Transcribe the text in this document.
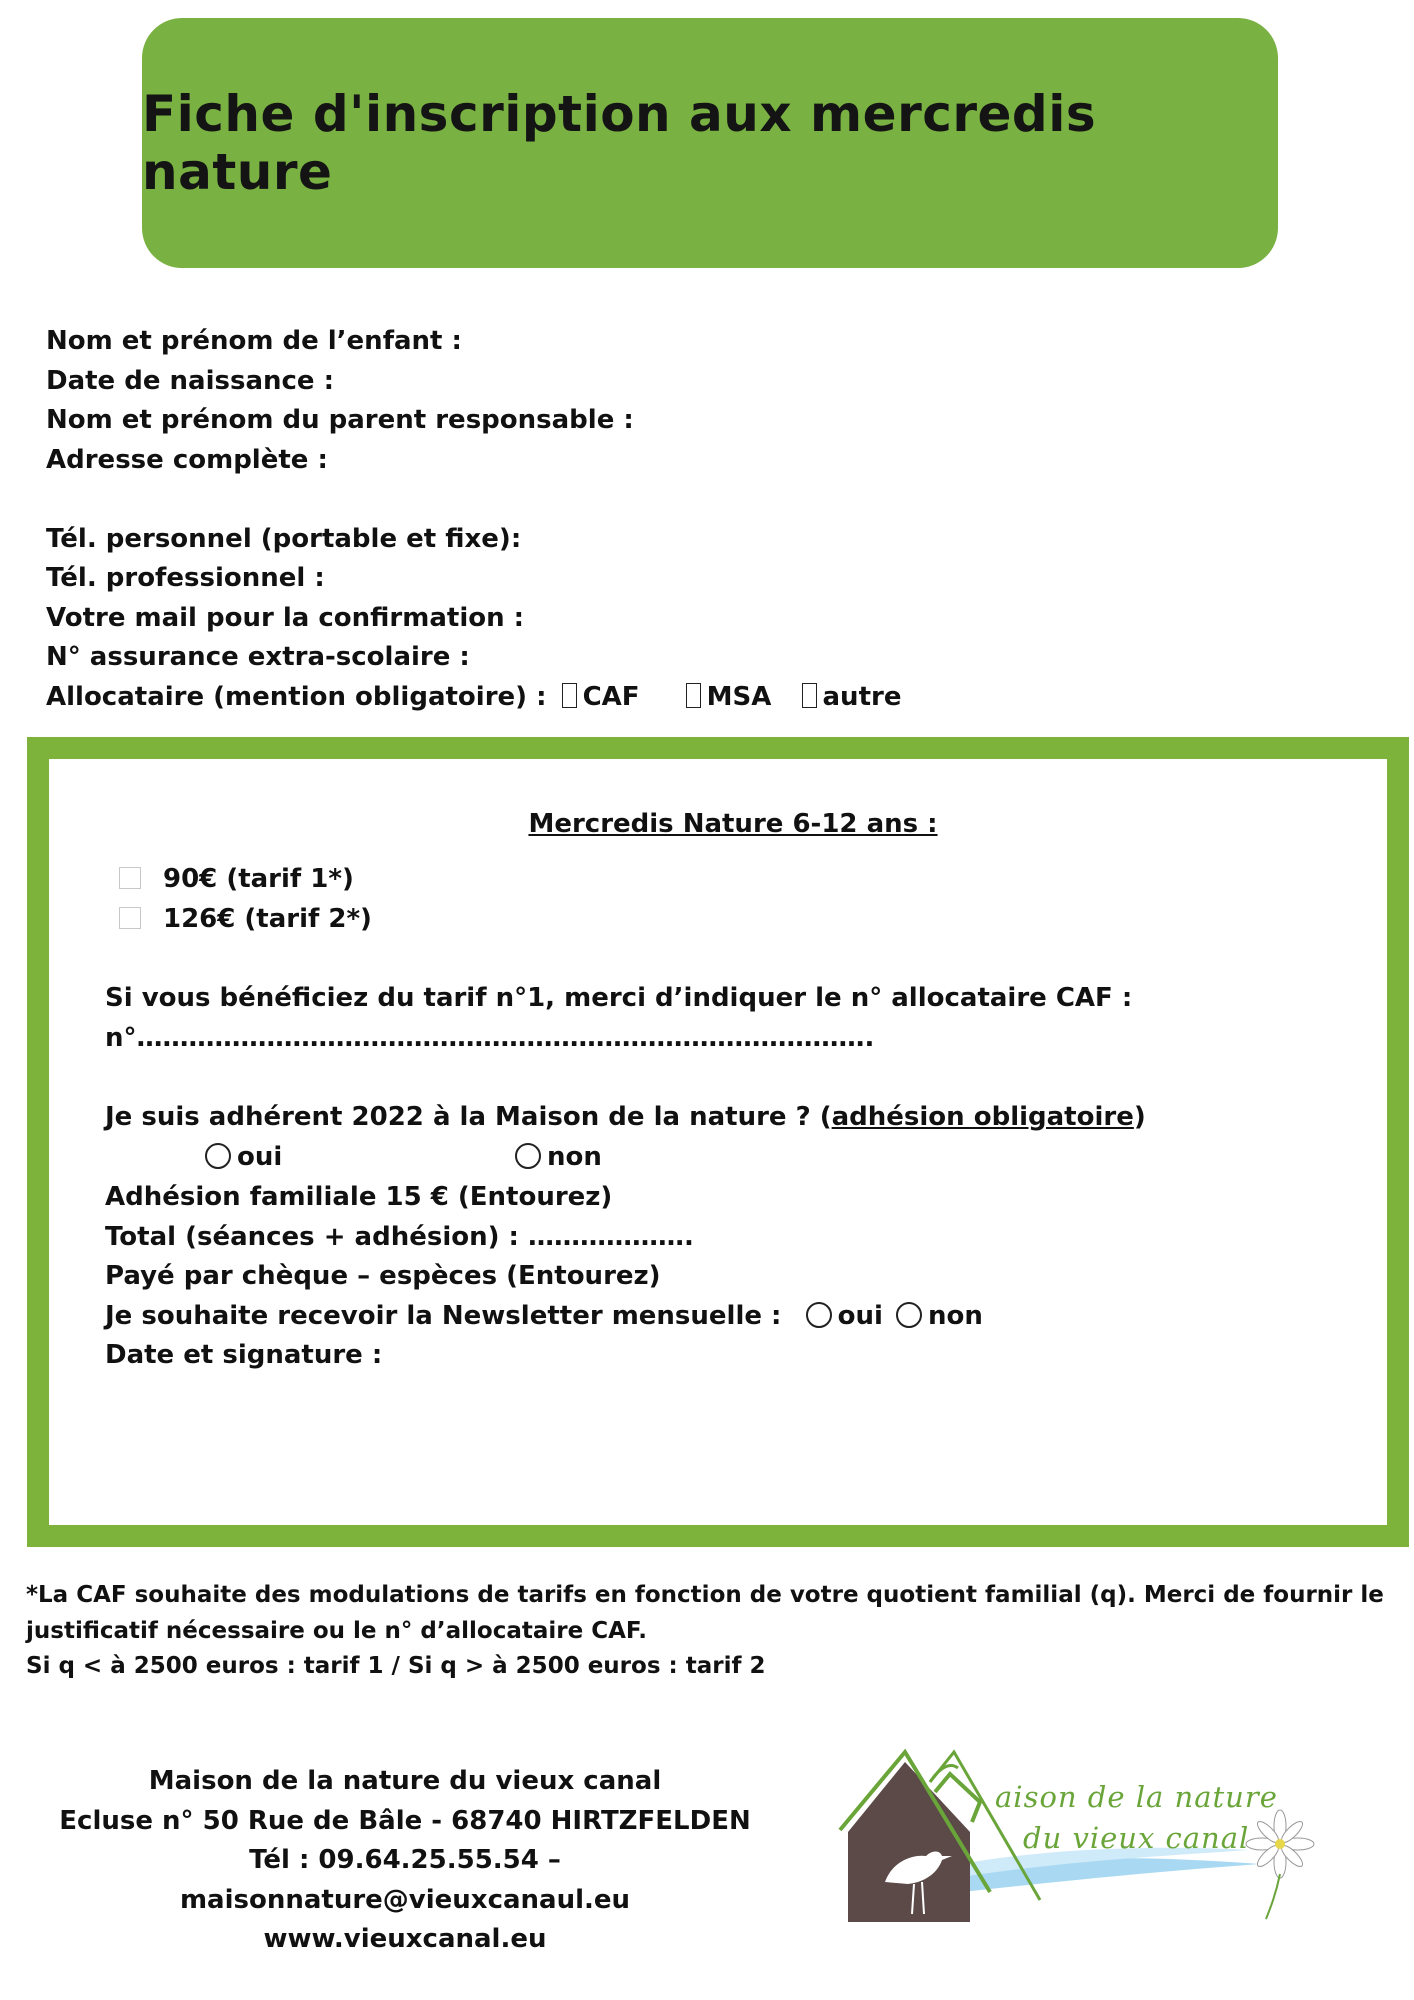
Fiche d'inscription aux mercredis nature
Nom et prénom de l’enfant :
Date de naissance :
Nom et prénom du parent responsable :
Adresse complète :
Tél. personnel (portable et fixe):
Tél. professionnel :
Votre mail pour la confirmation :
N° assurance extra-scolaire :
Allocataire (mention obligatoire) : CAF	MSA autre
Mercredis Nature 6-12 ans :
90€ (tarif 1*)
126€ (tarif 2*)
Si vous bénéficiez du tarif n°1, merci d’indiquer le n° allocataire CAF :
n°………………………………………………………………………….
Je suis adhérent 2022 à la Maison de la nature ? (adhésion obligatoire)
oui	non
Adhésion familiale 15 € (Entourez)
Total (séances + adhésion) : ……………….
Payé par chèque – espèces (Entourez)
Je souhaite recevoir la Newsletter mensuelle : oui non
Date et signature :
*La CAF souhaite des modulations de tarifs en fonction de votre quotient familial (q). Merci de fournir le
justificatif nécessaire ou le n° d’allocataire CAF.
Si q < à 2500 euros : tarif 1 / Si q > à 2500 euros : tarif 2
Maison de la nature du vieux canal
Ecluse n° 50 Rue de Bâle - 68740 HIRTZFELDEN
Tél : 09.64.25.55.54 – maisonnature@vieuxcanaul.eu
www.vieuxcanal.eu
aison de la nature
du vieux canal
